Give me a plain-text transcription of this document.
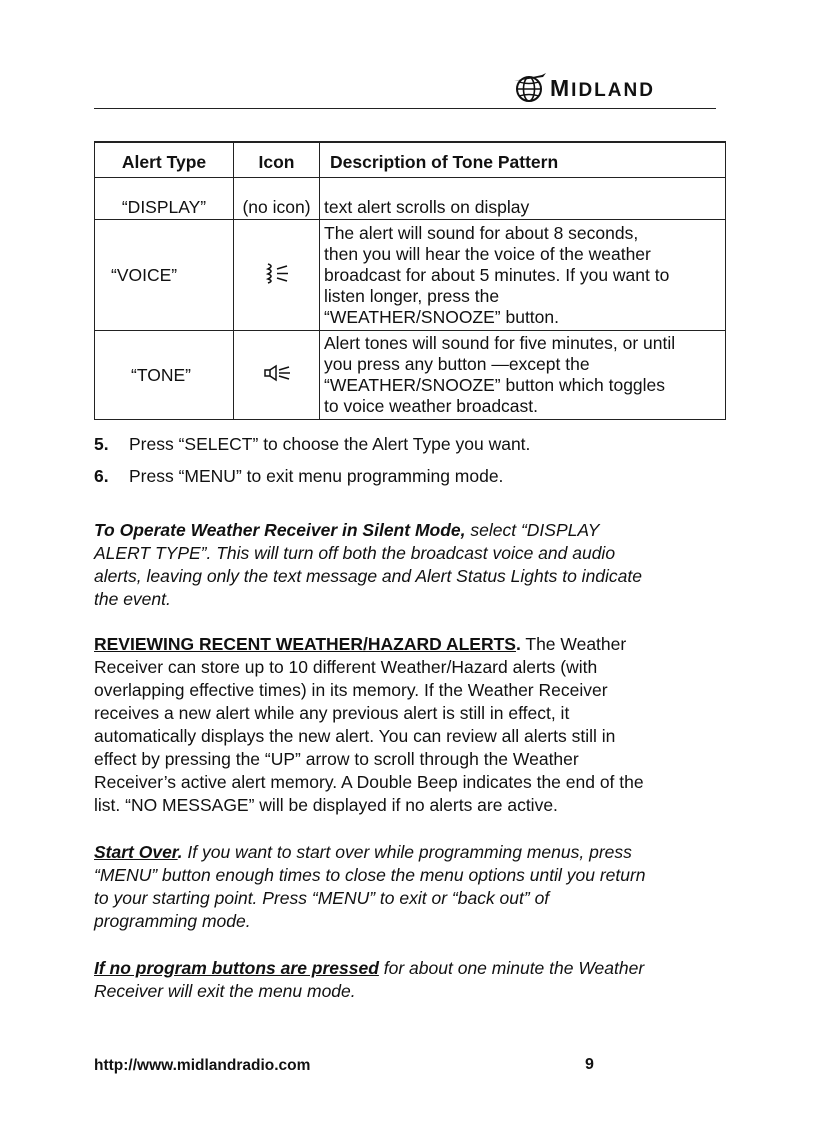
MIDLAND
Alert Type	Icon	Description of Tone Pattern
“DISPLAY”	(no icon)	text alert scrolls on display
“VOICE”		The alert will sound for about 8 seconds,
then you will hear the voice of the weather
broadcast for about 5 minutes. If you want to
listen longer, press the
“WEATHER/SNOOZE” button.

“TONE”		Alert tones will sound for five minutes, or until
you press any button —except the
“WEATHER/SNOOZE” button which toggles
to voice weather broadcast.
5. Press “SELECT” to choose the Alert Type you want.
6. Press “MENU” to exit menu programming mode.
To Operate Weather Receiver in Silent Mode, select “DISPLAY
ALERT TYPE”. This will turn off both the broadcast voice and audio
alerts, leaving only the text message and Alert Status Lights to indicate
the event.
REVIEWING RECENT WEATHER/HAZARD ALERTS. The Weather
Receiver can store up to 10 different Weather/Hazard alerts (with
overlapping effective times) in its memory. If the Weather Receiver
receives a new alert while any previous alert is still in effect, it
automatically displays the new alert. You can review all alerts still in
effect by pressing the “UP” arrow to scroll through the Weather
Receiver’s active alert memory. A Double Beep indicates the end of the
list. “NO MESSAGE” will be displayed if no alerts are active.
Start Over. If you want to start over while programming menus, press
“MENU” button enough times to close the menu options until you return
to your starting point. Press “MENU” to exit or “back out” of
programming mode.
If no program buttons are pressed for about one minute the Weather
Receiver will exit the menu mode.
http://www.midlandradio.com	9
